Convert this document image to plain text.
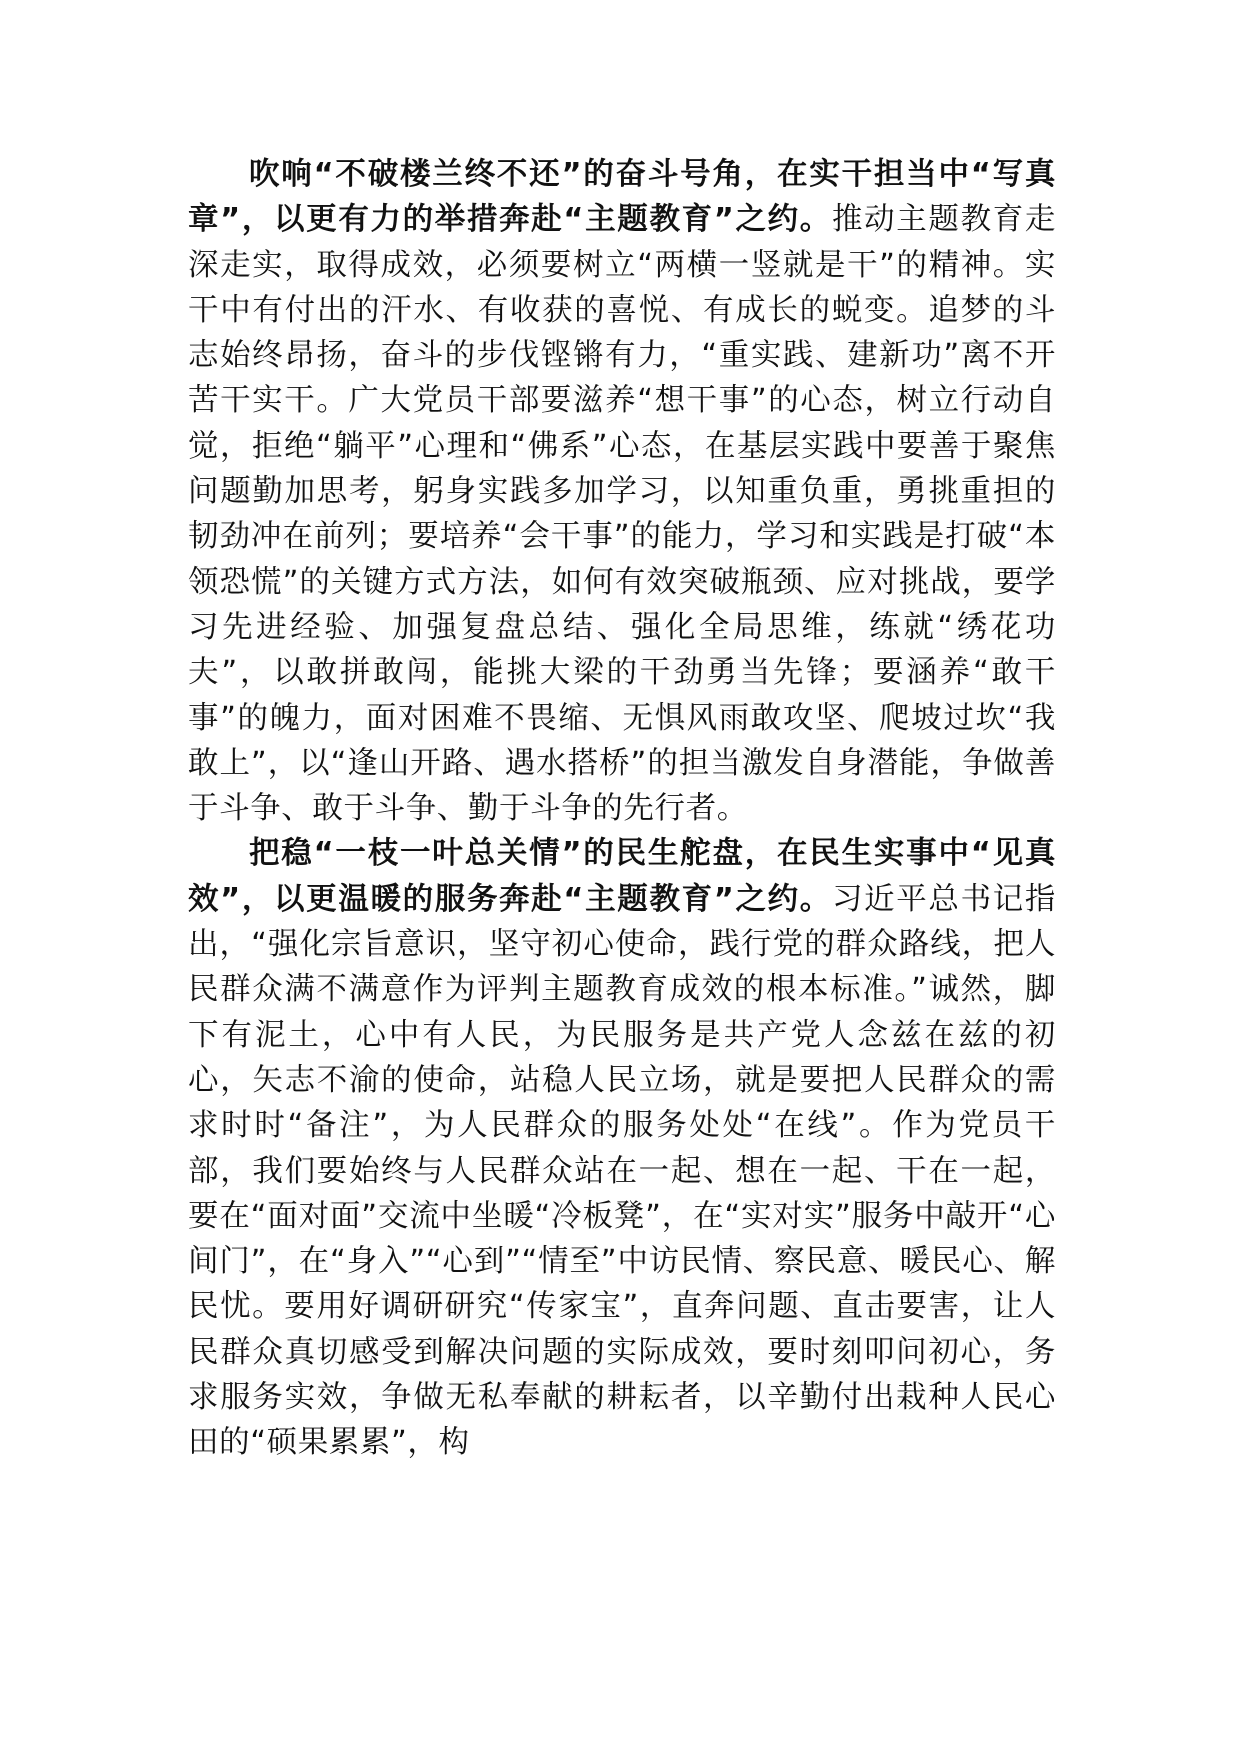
吹响“不破楼兰终不还”的奋斗号角，在实干担当中“写真章”，以更有力的举措奔赴“主题教育”之约。推动主题教育走深走实，取得成效，必须要树立“两横一竖就是干”的精神。实干中有付出的汗水、有收获的喜悦、有成长的蜕变。追梦的斗志始终昂扬，奋斗的步伐铿锵有力，“重实践、建新功”离不开苦干实干。广大党员干部要滋养“想干事”的心态，树立行动自觉，拒绝“躺平”心理和“佛系”心态，在基层实践中要善于聚焦问题勤加思考，躬身实践多加学习，以知重负重，勇挑重担的韧劲冲在前列；要培养“会干事”的能力，学习和实践是打破“本领恐慌”的关键方式方法，如何有效突破瓶颈、应对挑战，要学习先进经验、加强复盘总结、强化全局思维，练就“绣花功夫”，以敢拼敢闯，能挑大梁的干劲勇当先锋；要涵养“敢干事”的魄力，面对困难不畏缩、无惧风雨敢攻坚、爬坡过坎“我敢上”，以“逢山开路、遇水搭桥”的担当激发自身潜能，争做善于斗争、敢于斗争、勤于斗争的先行者。

把稳“一枝一叶总关情”的民生舵盘，在民生实事中“见真效”，以更温暖的服务奔赴“主题教育”之约。习近平总书记指出，“强化宗旨意识，坚守初心使命，践行党的群众路线，把人民群众满不满意作为评判主题教育成效的根本标准。”诚然，脚下有泥土，心中有人民，为民服务是共产党人念兹在兹的初心，矢志不渝的使命，站稳人民立场，就是要把人民群众的需求时时“备注”，为人民群众的服务处处“在线”。作为党员干部，我们要始终与人民群众站在一起、想在一起、干在一起，要在“面对面”交流中坐暖“冷板凳”，在“实对实”服务中敲开“心间门”，在“身入”“心到”“情至”中访民情、察民意、暖民心、解民忧。要用好调研研究“传家宝”，直奔问题、直击要害，让人民群众真切感受到解决问题的实际成效，要时刻叩问初心，务求服务实效，争做无私奉献的耕耘者，以辛勤付出栽种人民心田的“硕果累累”，构
